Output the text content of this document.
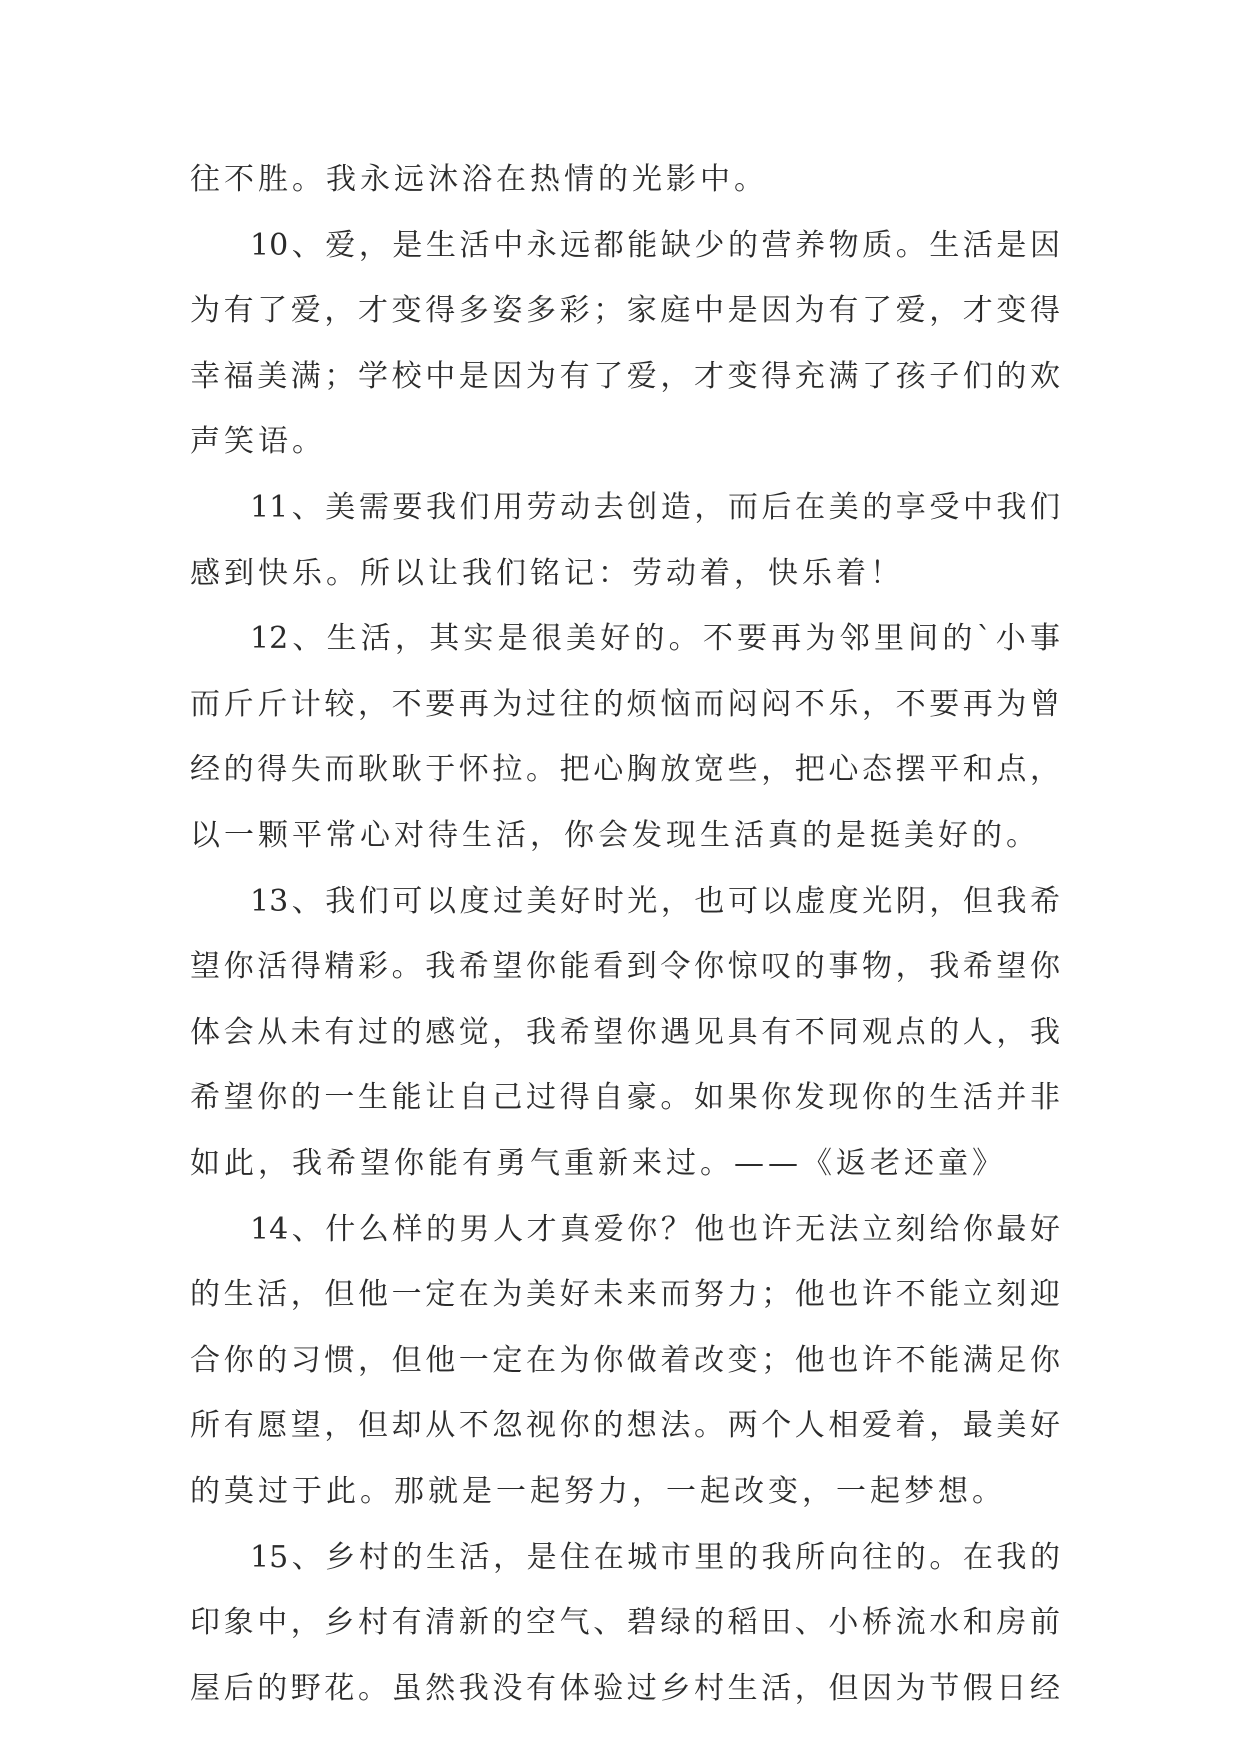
往不胜。我永远沐浴在热情的光影中。
10、爱，是生活中永远都能缺少的营养物质。生活是因
为有了爱，才变得多姿多彩；家庭中是因为有了爱，才变得
幸福美满；学校中是因为有了爱，才变得充满了孩子们的欢
声笑语。
11、美需要我们用劳动去创造，而后在美的享受中我们
感到快乐。所以让我们铭记：劳动着，快乐着！
12、生活，其实是很美好的。不要再为邻里间的`小事
而斤斤计较，不要再为过往的烦恼而闷闷不乐，不要再为曾
经的得失而耿耿于怀拉。把心胸放宽些，把心态摆平和点，
以一颗平常心对待生活，你会发现生活真的是挺美好的。
13、我们可以度过美好时光，也可以虚度光阴，但我希
望你活得精彩。我希望你能看到令你惊叹的事物，我希望你
体会从未有过的感觉，我希望你遇见具有不同观点的人，我
希望你的一生能让自己过得自豪。如果你发现你的生活并非
如此，我希望你能有勇气重新来过。——《返老还童》
14、什么样的男人才真爱你？他也许无法立刻给你最好
的生活，但他一定在为美好未来而努力；他也许不能立刻迎
合你的习惯，但他一定在为你做着改变；他也许不能满足你
所有愿望，但却从不忽视你的想法。两个人相爱着，最美好
的莫过于此。那就是一起努力，一起改变，一起梦想。
15、乡村的生活，是住在城市里的我所向往的。在我的
印象中，乡村有清新的空气、碧绿的稻田、小桥流水和房前
屋后的野花。虽然我没有体验过乡村生活，但因为节假日经
